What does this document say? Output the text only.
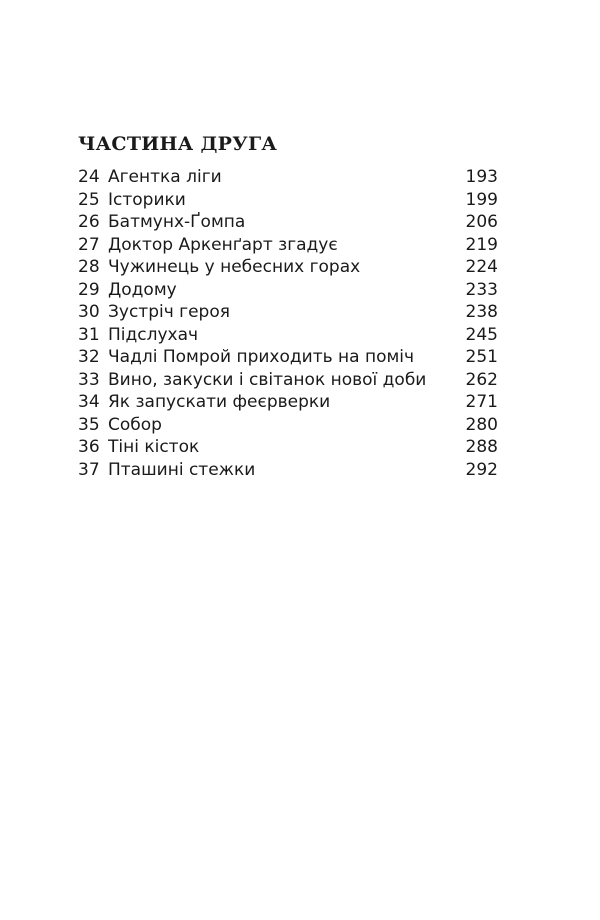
ЧАСТИНА ДРУГА
24 Агентка ліги	193
25 Історики	199
26 Батмунх-Ґомпа	206
27 Доктор Аркенґарт згадує	219
28 Чужинець у небесних горах	224
29 Додому	233
30 Зустріч героя	238
31 Підслухач	245
32 Чадлі Помрой приходить на поміч	251
33 Вино, закуски і світанок нової доби	262
34 Як запускати феєрверки	271
35 Собор	280
36 Тіні кісток	288
37 Пташині стежки	292
